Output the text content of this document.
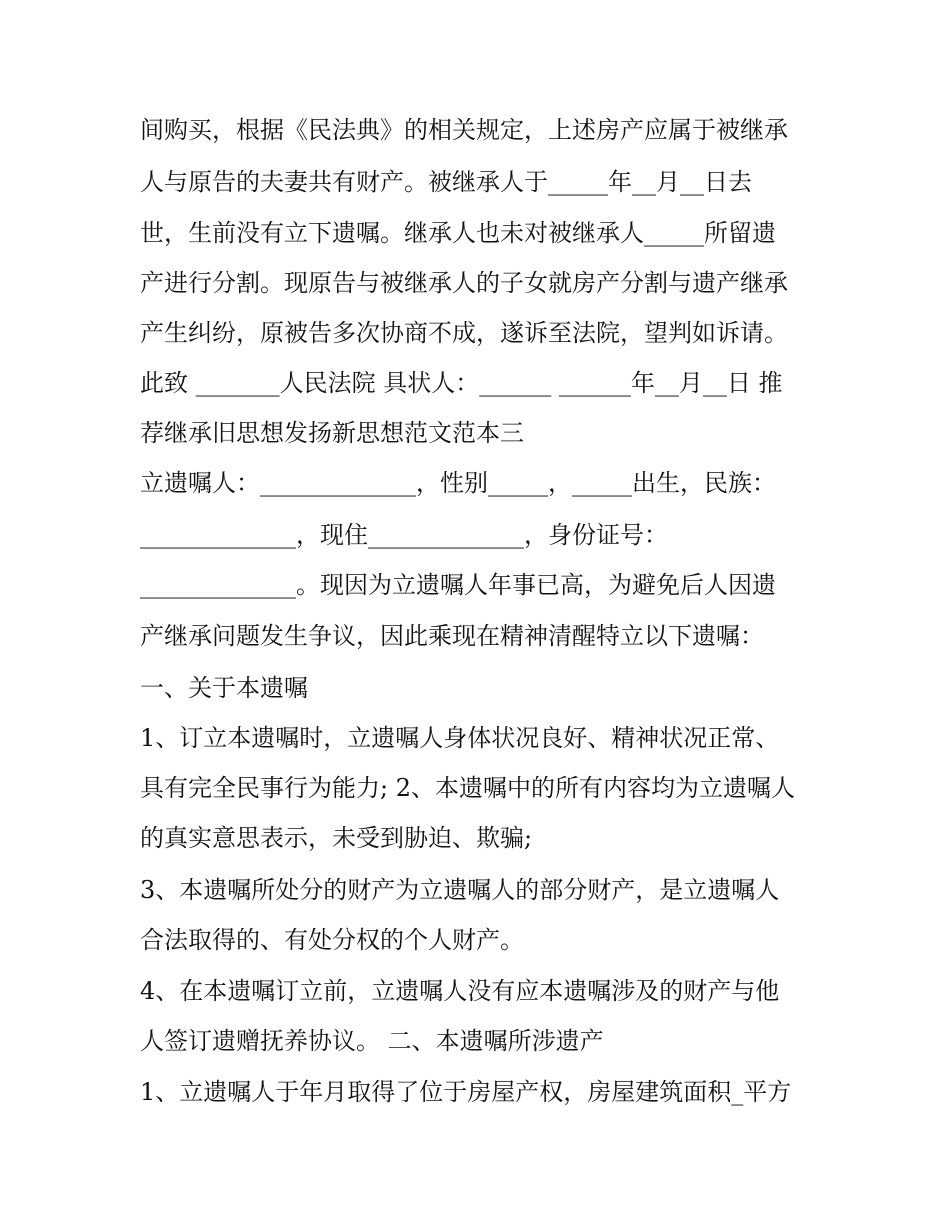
间购买，根据《民法典》的相关规定，上述房产应属于被继承
人与原告的夫妻共有财产。被继承人于_____年__月__日去
世，生前没有立下遗嘱。继承人也未对被继承人_____所留遗
产进行分割。现原告与被继承人的子女就房产分割与遗产继承
产生纠纷，原被告多次协商不成，遂诉至法院，望判如诉请。
此致 _______人民法院 具状人：______ ______年__月__日 推
荐继承旧思想发扬新思想范文范本三
立遗嘱人：_____________，性别_____，_____出生，民族：
_____________，现住_____________，身份证号：
_____________。现因为立遗嘱人年事已高，为避免后人因遗
产继承问题发生争议，因此乘现在精神清醒特立以下遗嘱：
一、关于本遗嘱
1、订立本遗嘱时，立遗嘱人身体状况良好、精神状况正常、
具有完全民事行为能力; 2、本遗嘱中的所有内容均为立遗嘱人
的真实意思表示，未受到胁迫、欺骗;
3、本遗嘱所处分的财产为立遗嘱人的部分财产，是立遗嘱人
合法取得的、有处分权的个人财产。
4、在本遗嘱订立前，立遗嘱人没有应本遗嘱涉及的财产与他
人签订遗赠抚养协议。 二、本遗嘱所涉遗产
1、立遗嘱人于年月取得了位于房屋产权，房屋建筑面积_平方
